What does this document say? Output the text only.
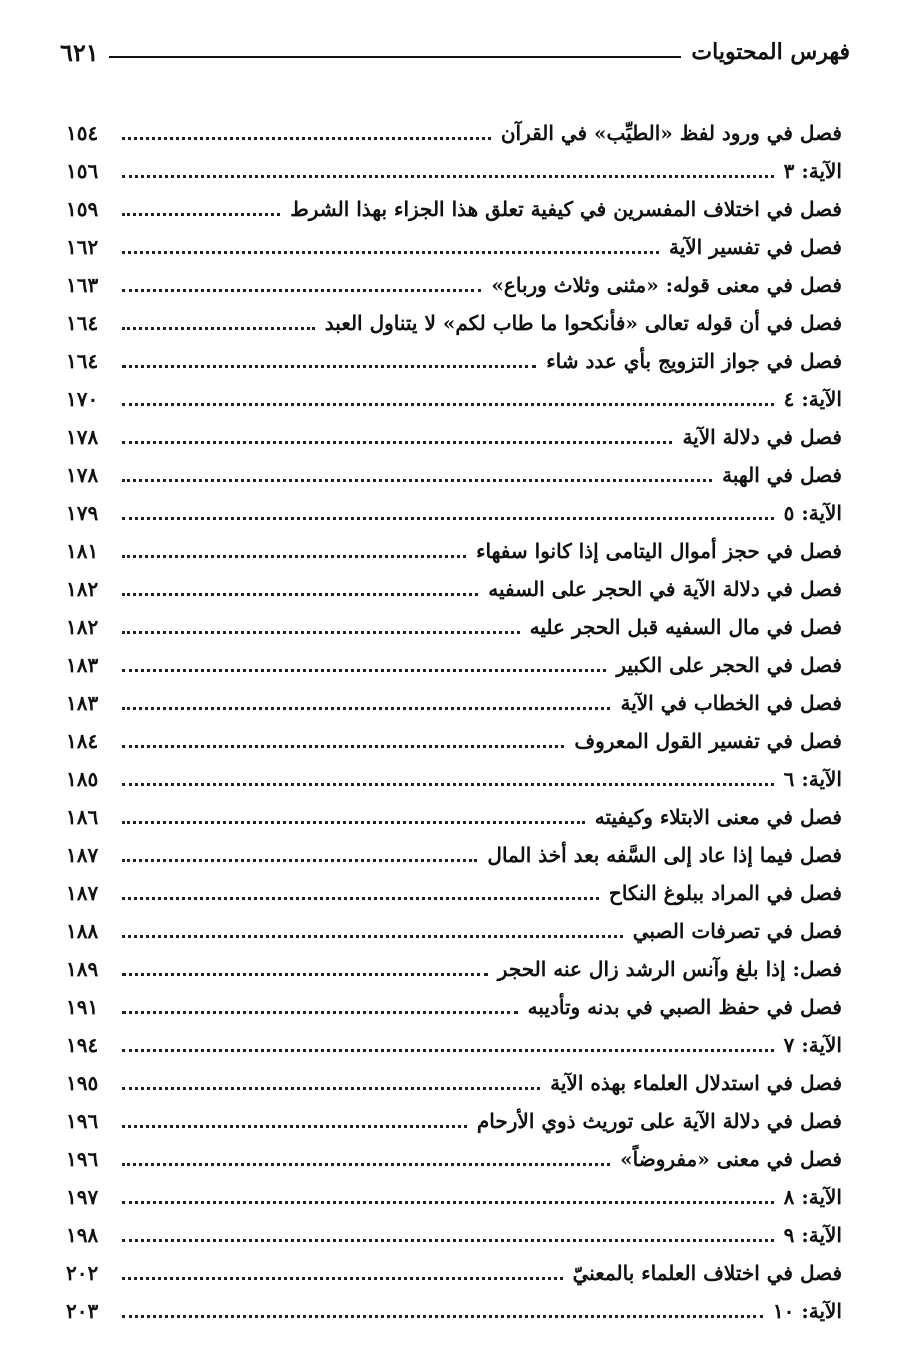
فهرس المحتويات
٦٢١
فصل في ورود لفظ «الطيِّب» في القرآن
١٥٤
الآية: ٣
١٥٦
فصل في اختلاف المفسرين في كيفية تعلق هذا الجزاء بهذا الشرط
١٥٩
فصل في تفسير الآية
١٦٢
فصل في معنى قوله: «مثنى وثلاث ورباع»
١٦٣
فصل في أن قوله تعالى «فأنكحوا ما طاب لكم» لا يتناول العبد
١٦٤
فصل في جواز التزويج بأي عدد شاء
١٦٤
الآية: ٤
١٧٠
فصل في دلالة الآية
١٧٨
فصل في الهبة
١٧٨
الآية: ٥
١٧٩
فصل في حجز أموال اليتامى إذا كانوا سفهاء
١٨١
فصل في دلالة الآية في الحجر على السفيه
١٨٢
فصل في مال السفيه قبل الحجر عليه
١٨٢
فصل في الحجر على الكبير
١٨٣
فصل في الخطاب في الآية
١٨٣
فصل في تفسير القول المعروف
١٨٤
الآية: ٦
١٨٥
فصل في معنى الابتلاء وكيفيته
١٨٦
فصل فيما إذا عاد إلى السَّفه بعد أخذ المال
١٨٧
فصل في المراد ببلوغ النكاح
١٨٧
فصل في تصرفات الصبي
١٨٨
فصل: إذا بلغ وآنس الرشد زال عنه الحجر
١٨٩
فصل في حفظ الصبي في بدنه وتأديبه
١٩١
الآية: ٧
١٩٤
فصل في استدلال العلماء بهذه الآية
١٩٥
فصل في دلالة الآية على توريث ذوي الأرحام
١٩٦
فصل في معنى «مفروضاً»
١٩٦
الآية: ٨
١٩٧
الآية: ٩
١٩٨
فصل في اختلاف العلماء بالمعنيّ
٢٠٢
الآية: ١٠
٢٠٣
